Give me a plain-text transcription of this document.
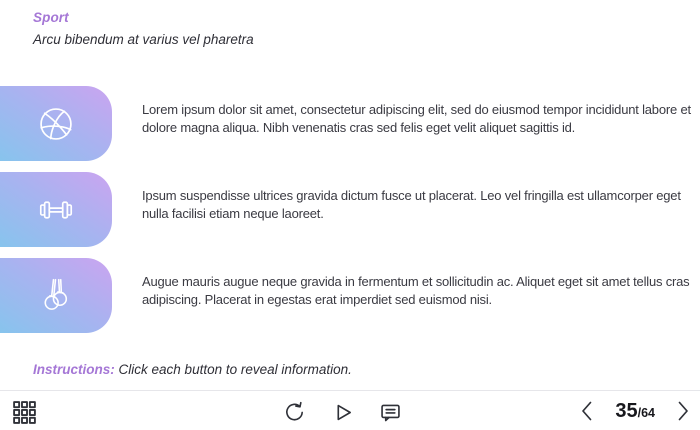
Sport
Arcu bibendum at varius vel pharetra

Lorem ipsum dolor sit amet, consectetur adipiscing elit, sed do eiusmod tempor incididunt labore et dolore magna aliqua. Nibh venenatis cras sed felis eget velit aliquet sagittis id.

Ipsum suspendisse ultrices gravida dictum fusce ut placerat. Leo vel fringilla est ullamcorper eget nulla facilisi etiam neque laoreet.

Augue mauris augue neque gravida in fermentum et sollicitudin ac. Aliquet eget sit amet tellus cras adipiscing. Placerat in egestas erat imperdiet sed euismod nisi.

Instructions: Click each button to reveal information.
35 / 64
